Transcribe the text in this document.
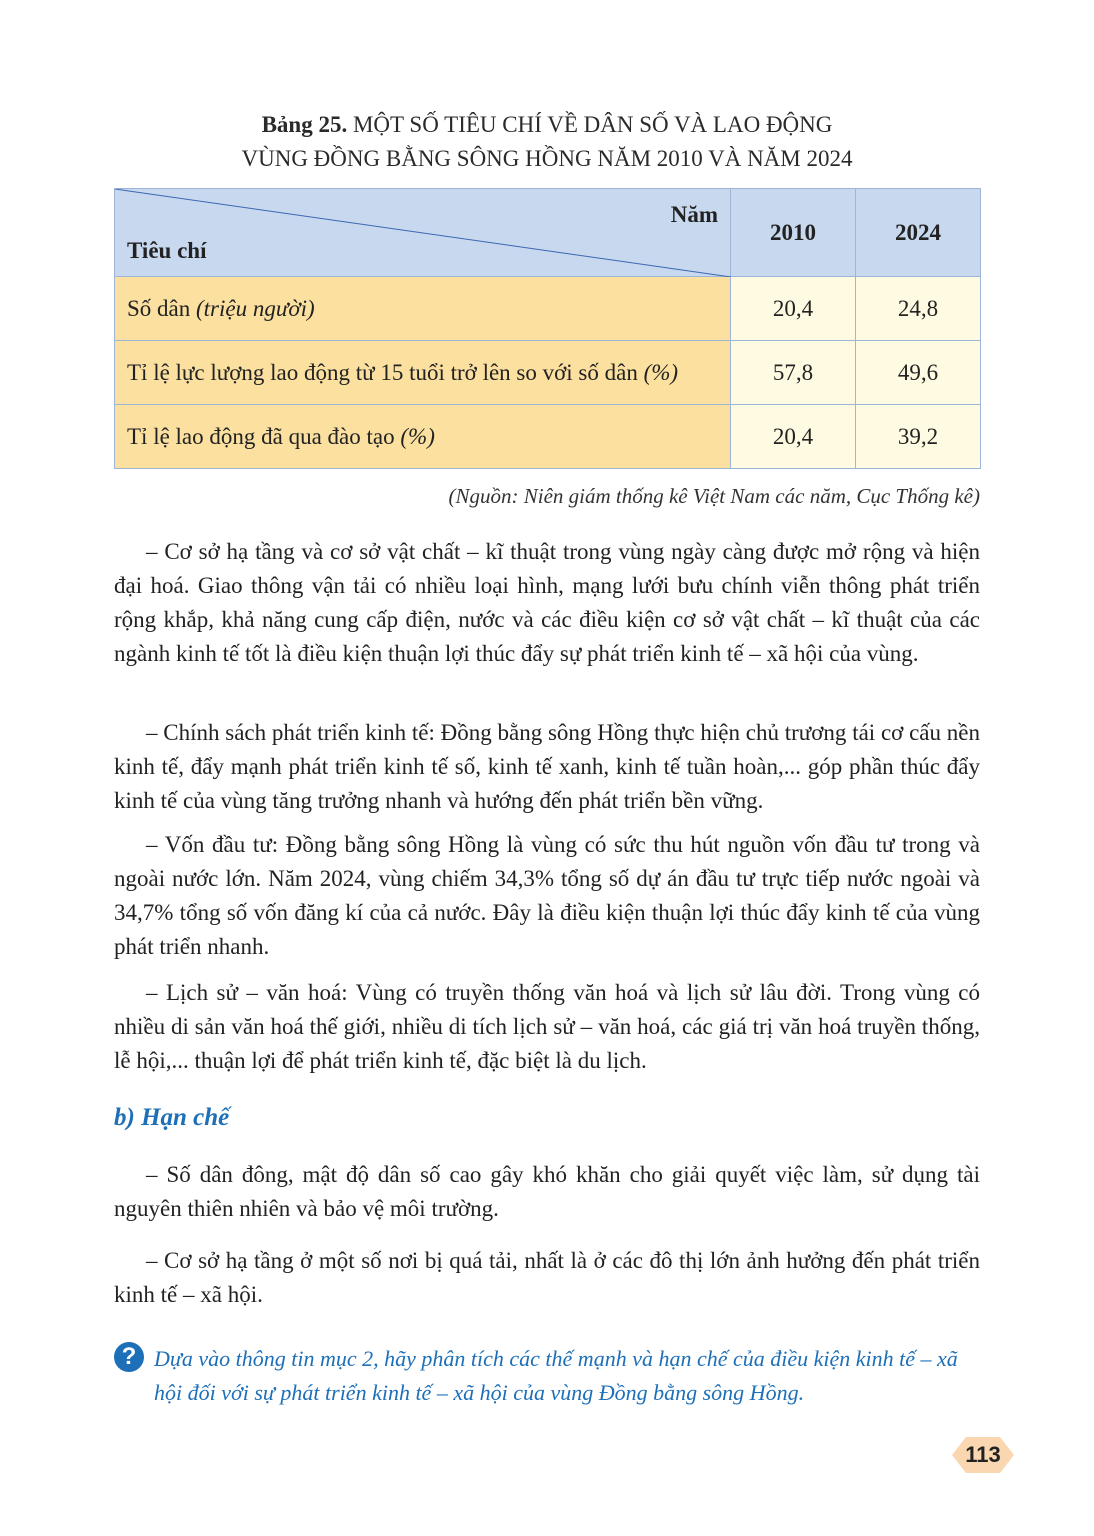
Bảng 25. MỘT SỐ TIÊU CHÍ VỀ DÂN SỐ VÀ LAO ĐỘNG
VÙNG ĐỒNG BẰNG SÔNG HỒNG NĂM 2010 VÀ NĂM 2024
Năm
Tiêu chí	2010	2024
Số dân (triệu người)	20,4	24,8
Tỉ lệ lực lượng lao động từ 15 tuổi trở lên so với số dân (%)	57,8	49,6
Tỉ lệ lao động đã qua đào tạo (%)	20,4	39,2
(Nguồn: Niên giám thống kê Việt Nam các năm, Cục Thống kê)

– Cơ sở hạ tầng và cơ sở vật chất – kĩ thuật trong vùng ngày càng được mở rộng và hiện đại hoá. Giao thông vận tải có nhiều loại hình, mạng lưới bưu chính viễn thông phát triển rộng khắp, khả năng cung cấp điện, nước và các điều kiện cơ sở vật chất – kĩ thuật của các ngành kinh tế tốt là điều kiện thuận lợi thúc đẩy sự phát triển kinh tế – xã hội của vùng.

– Chính sách phát triển kinh tế: Đồng bằng sông Hồng thực hiện chủ trương tái cơ cấu nền kinh tế, đẩy mạnh phát triển kinh tế số, kinh tế xanh, kinh tế tuần hoàn,... góp phần thúc đẩy kinh tế của vùng tăng trưởng nhanh và hướng đến phát triển bền vững.

– Vốn đầu tư: Đồng bằng sông Hồng là vùng có sức thu hút nguồn vốn đầu tư trong và ngoài nước lớn. Năm 2024, vùng chiếm 34,3% tổng số dự án đầu tư trực tiếp nước ngoài và 34,7% tổng số vốn đăng kí của cả nước. Đây là điều kiện thuận lợi thúc đẩy kinh tế của vùng phát triển nhanh.

– Lịch sử – văn hoá: Vùng có truyền thống văn hoá và lịch sử lâu đời. Trong vùng có nhiều di sản văn hoá thế giới, nhiều di tích lịch sử – văn hoá, các giá trị văn hoá truyền thống, lễ hội,... thuận lợi để phát triển kinh tế, đặc biệt là du lịch.

b) Hạn chế

– Số dân đông, mật độ dân số cao gây khó khăn cho giải quyết việc làm, sử dụng tài nguyên thiên nhiên và bảo vệ môi trường.

– Cơ sở hạ tầng ở một số nơi bị quá tải, nhất là ở các đô thị lớn ảnh hưởng đến phát triển kinh tế – xã hội.

? Dựa vào thông tin mục 2, hãy phân tích các thế mạnh và hạn chế của điều kiện kinh tế – xã hội đối với sự phát triển kinh tế – xã hội của vùng Đồng bằng sông Hồng.
113
